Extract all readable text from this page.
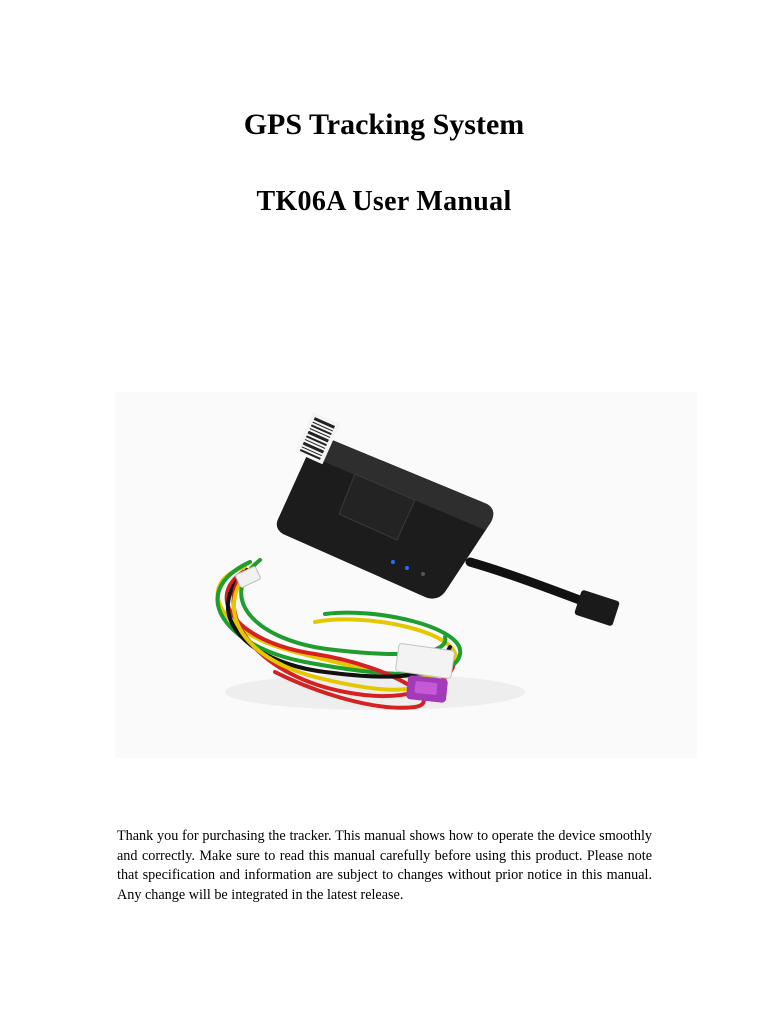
GPS Tracking System
TK06A User Manual

Thank you for purchasing the tracker. This manual shows how to operate the device smoothly and correctly. Make sure to read this manual carefully before using this product. Please note that specification and information are subject to changes without prior notice in this manual. Any change will be integrated in the latest release.
